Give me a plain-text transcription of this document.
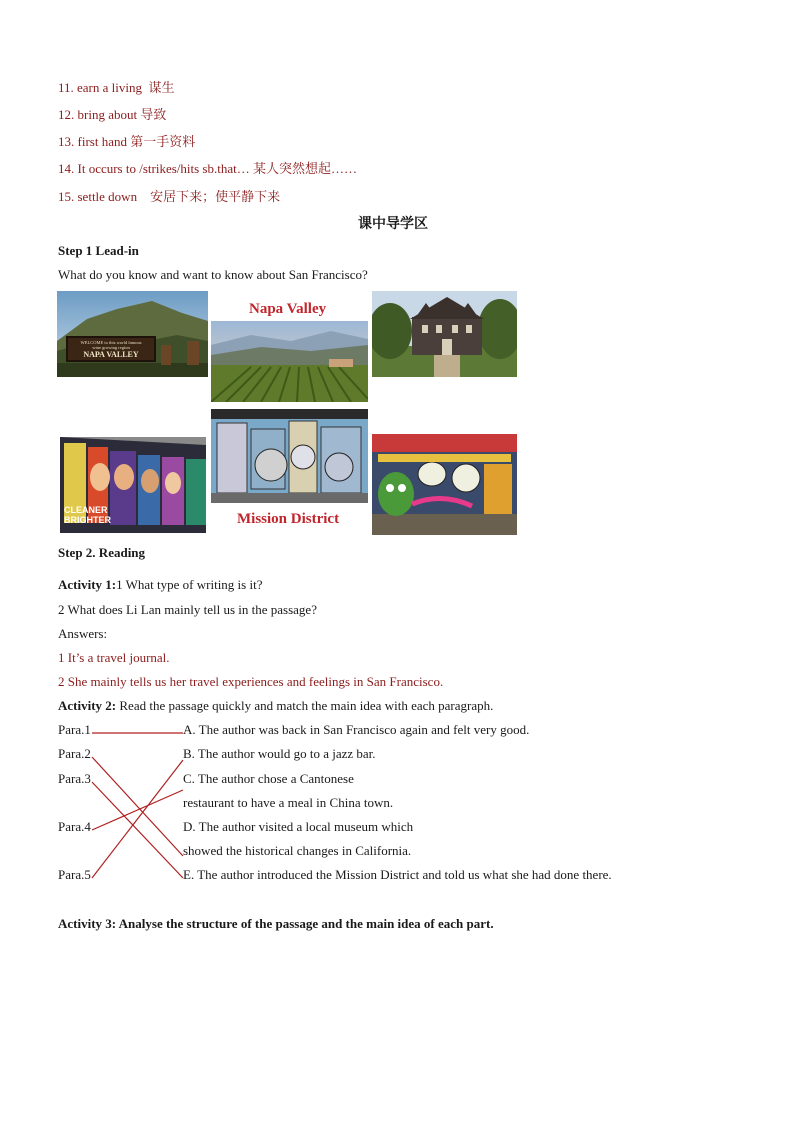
11. earn a living 谋生
12. bring about 导致
13. first hand 第一手资料
14. It occurs to /strikes/hits sb.that… 某人突然想起……
15. settle down 安居下来；使平静下来
课中导学区
Step 1 Lead-in
What do you know and want to know about San Francisco?
WELCOME to this world famous
wine growing region
NAPA VALLEY
Napa Valley
CLEANER
BRIGHTER	Mission District
Step 2. Reading
Activity 1:1 What type of writing is it?
2 What does Li Lan mainly tell us in the passage?
Answers:
1 It’s a travel journal.
2 She mainly tells us her travel experiences and feelings in San Francisco.
Activity 2: Read the passage quickly and match the main idea with each paragraph.
Para.1
Para.2
Para.3
Para.4
Para.5
A. The author was back in San Francisco again and felt very good.
B. The author would go to a jazz bar.
C. The author chose a Cantonese
restaurant to have a meal in China town.
D. The author visited a local museum which
showed the historical changes in California.
E. The author introduced the Mission District and told us what she had done there.
Activity 3: Analyse the structure of the passage and the main idea of each part.
